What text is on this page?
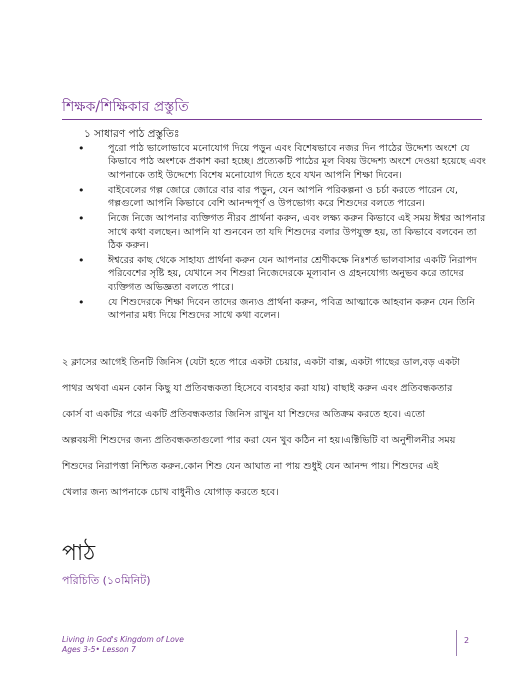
শিক্ষক/শিক্ষিকার প্রস্তুতি
১ সাধারণ পাঠ প্রস্তুতিঃ
• পুরো পাঠ ভালোভাবে মনোযোগ দিয়ে পড়ুন এবং বিশেষভাবে নজর দিন পাঠের উদ্দেশ্য অংশে যে কিভাবে পাঠ অংশকে প্রকাশ করা হচ্ছে। প্রত্যেকটি পাঠের মূল বিষয় উদ্দেশ্য অংশে দেওয়া হয়েছে এবং আপনাকে তাই উদ্দেশ্যে বিশেষ মনোযোগ দিতে হবে যখন আপনি শিক্ষা দিবেন।
• বাইবেলের গল্প জোরে জোরে বার বার পড়ুন, যেন আপনি পরিকল্পনা ও চর্চা করতে পারেন যে, গল্পগুলো আপনি কিভাবে বেশি আনন্দপূর্ণ ও উপভোগ্য করে শিশুদের বলতে পারেন।
• নিজে নিজে আপনার ব্যক্তিগত নীরব প্রার্থনা করুন, এবং লক্ষ্য করুন কিভাবে এই সময় ঈশ্বর আপনার সাথে কথা বলছেন। আপনি যা শুনবেন তা যদি শিশুদের বলার উপযুক্ত হয়, তা কিভাবে বলবেন তা ঠিক করুন।
• ঈশ্বরের কাছ থেকে সাহায্য প্রার্থনা করুন যেন আপনার শ্রেণীকক্ষে নিঃশর্ত ভালবাসার একটি নিরাপদ পরিবেশের সৃষ্টি হয়, যেখানে সব শিশুরা নিজেদেরকে মূল্যবান ও গ্রহনযোগ্য অনুভব করে তাদের ব্যক্তিগত অভিজ্ঞতা বলতে পারে।
• যে শিশুদেরকে শিক্ষা দিবেন তাদের জন্যও প্রার্থনা করুন, পবিত্র আত্মাকে আহবান করুন যেন তিনি আপনার মধ্য দিয়ে শিশুদের সাথে কথা বলেন।
২ ক্লাসের আগেই তিনটি জিনিস (যেটা হতে পারে একটা চেয়ার, একটা বাক্স, একটা গাছের ডাল,বড় একটা
পাথর অথবা এমন কোন কিছু যা প্রতিবন্ধকতা হিসেবে ব্যবহার করা যায়) বাছাই করুন এবং প্রতিবন্ধকতার
কোর্স বা একটির পরে একটি প্রতিবন্ধকতার জিনিস রাখুন যা শিশুদের অতিক্রম করতে হবে। এতো
অল্পবয়সী শিশুদের জন্য প্রতিবন্ধকতাগুলো পার করা যেন খুব কঠিন না হয়।এক্টিভিটি বা অনুশীলনীর সময়
শিশুদের নিরাপত্তা নিশ্চিত করুন.কোন শিশু যেন আঘাত না পায় শুধুই যেন আনন্দ পায়। শিশুদের এই
খেলার জন্য আপনাকে চোখ বাধুনীও যোগাড় করতে হবে।
পাঠ
পরিচিতি (১০মিনিট)
Living in God's Kingdom of Love
Ages 3-5• Lesson 7
2
